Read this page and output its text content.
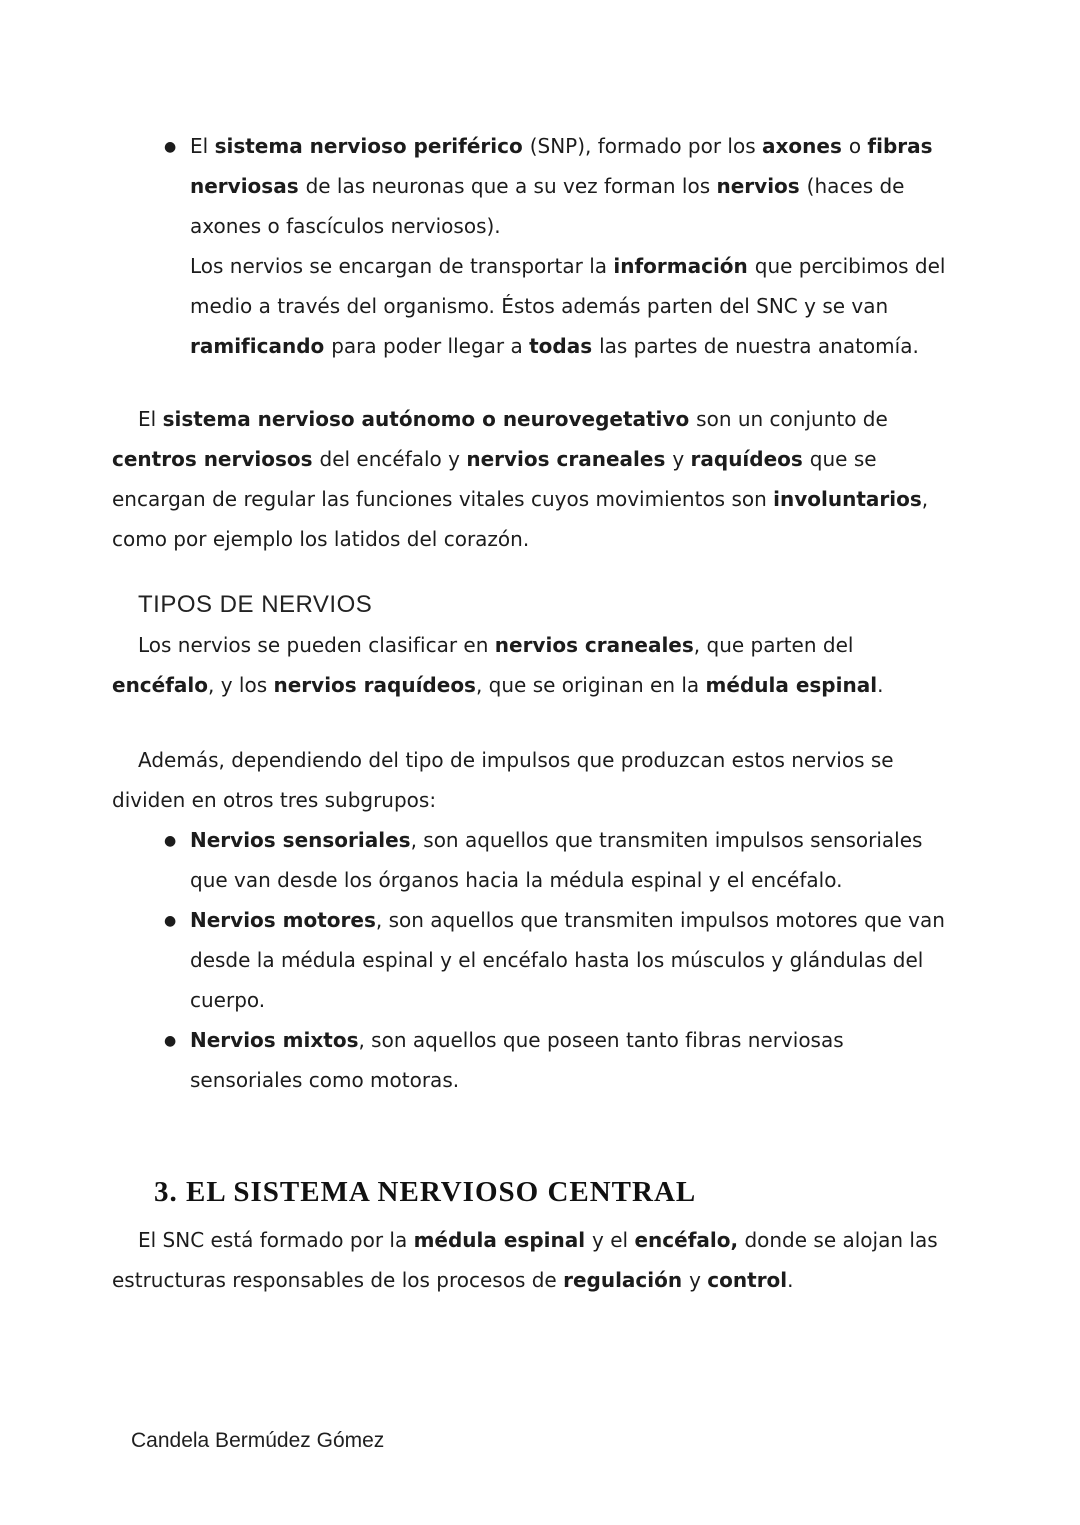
● El sistema nervioso periférico (SNP), formado por los axones o fibras nerviosas de las neuronas que a su vez forman los nervios (haces de axones o fascículos nerviosos).

Los nervios se encargan de transportar la información que percibimos del medio a través del organismo. Éstos además parten del SNC y se van ramificando para poder llegar a todas las partes de nuestra anatomía.

El sistema nervioso autónomo o neurovegetativo son un conjunto de centros nerviosos del encéfalo y nervios craneales y raquídeos que se encargan de regular las funciones vitales cuyos movimientos son involuntarios, como por ejemplo los latidos del corazón.

TIPOS DE NERVIOS

Los nervios se pueden clasificar en nervios craneales, que parten del encéfalo, y los nervios raquídeos, que se originan en la médula espinal.

Además, dependiendo del tipo de impulsos que produzcan estos nervios se dividen en otros tres subgrupos:

● Nervios sensoriales, son aquellos que transmiten impulsos sensoriales que van desde los órganos hacia la médula espinal y el encéfalo.

● Nervios motores, son aquellos que transmiten impulsos motores que van desde la médula espinal y el encéfalo hasta los músculos y glándulas del cuerpo.

● Nervios mixtos, son aquellos que poseen tanto fibras nerviosas sensoriales como motoras.

3. EL SISTEMA NERVIOSO CENTRAL

El SNC está formado por la médula espinal y el encéfalo, donde se alojan las estructuras responsables de los procesos de regulación y control.

Candela Bermúdez Gómez
